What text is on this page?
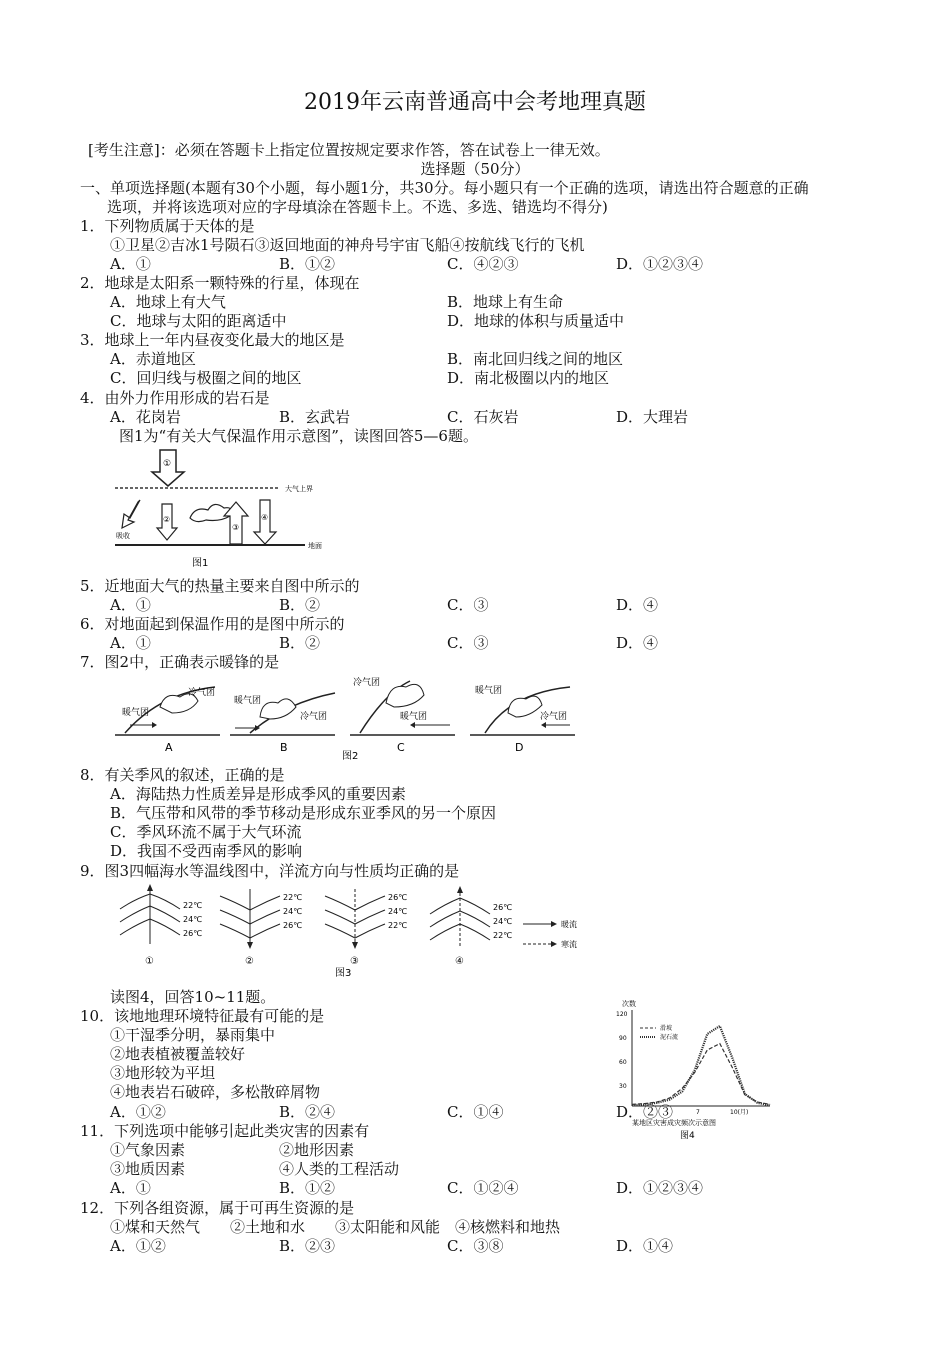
2019年云南普通高中会考地理真题
[考生注意]：必须在答题卡上指定位置按规定要求作答，答在试卷上一律无效。
选择题（50分）
一、单项选择题(本题有30个小题，每小题1分，共30分。每小题只有一个正确的选项，请选出符合题意的正确
选项，并将该选项对应的字母填涂在答题卡上。不选、多选、错选均不得分)
1．下列物质属于天体的是
①卫星②吉冰1号陨石③返回地面的神舟号宇宙飞船④按航线飞行的飞机
A．①	B．①②	C．④②③	D．①②③④
2．地球是太阳系一颗特殊的行星，体现在
A．地球上有大气	B．地球上有生命
C．地球与太阳的距离适中	D．地球的体积与质量适中
3．地球上一年内昼夜变化最大的地区是
A．赤道地区	B．南北回归线之间的地区
C．回归线与极圈之间的地区	D．南北极圈以内的地区
4．由外力作用形成的岩石是
A．花岗岩	B．玄武岩	C．石灰岩	D．大理岩
图1为“有关大气保温作用示意图”，读图回答5—6题。
大气上界
地面
①
吸收
②
③
④
图1
5．近地面大气的热量主要来自图中所示的
A．①	B．②	C．③	D．④
6．对地面起到保温作用的是图中所示的
A．①	B．②	C．③	D．④
7．图2中，正确表示暖锋的是
暖气团
冷气团
A
暖气团
冷气团
B
冷气团
暖气团
C
暖气团
冷气团
D
图2
8．有关季风的叙述，正确的是
A．海陆热力性质差异是形成季风的重要因素
B．气压带和风带的季节移动是形成东亚季风的另一个原因
C．季风环流不属于大气环流
D．我国不受西南季风的影响
9．图3四幅海水等温线图中，洋流方向与性质均正确的是
22℃
24℃
26℃
①
22℃
24℃
26℃
②
26℃
24℃
22℃
③
26℃
24℃
22℃
④
暖流
寒流
图3
读图4，回答10~11题。
10．该地地理环境特征最有可能的是
①干湿季分明，暴雨集中
②地表植被覆盖较好
③地形较为平坦
④地表岩石破碎，多松散碎屑物
A．①②	B．②④	C．①④	D．②③
次数
120
90
60
30
7	10(月)
滑坡
泥石流
某地区灾害成灾频次示意图
图4
11．下列选项中能够引起此类灾害的因素有
①气象因素	②地形因素
③地质因素	④人类的工程活动
A．①	B．①②	C．①②④	D．①②③④
12．下列各组资源，属于可再生资源的是
①煤和天然气　　②土地和水　　③太阳能和风能　④核燃料和地热
A．①②	B．②③	C．③⑧	D．①④
